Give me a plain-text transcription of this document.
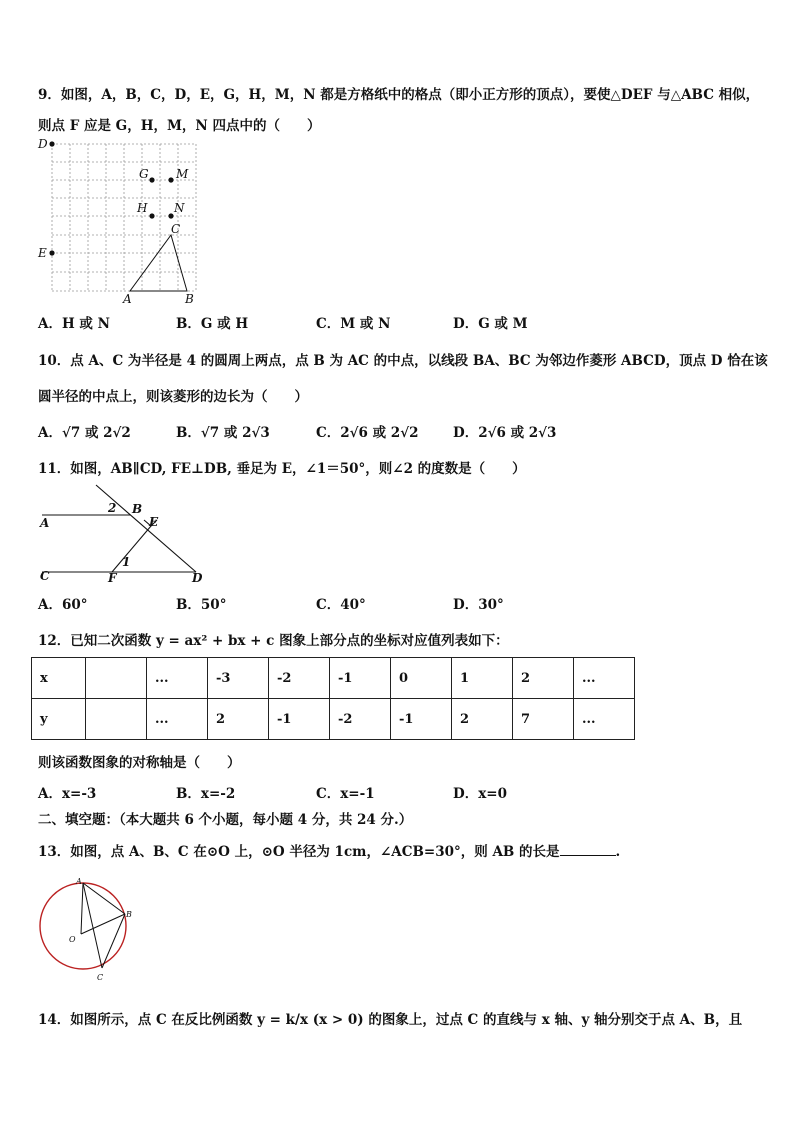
9．如图，A，B，C，D，E，G，H，M，N 都是方格纸中的格点（即小正方形的顶点），要使△DEF 与△ABC 相似，
则点 F 应是 G，H，M，N 四点中的（　　）
D
E
G M
H N
C
A	B
A．H 或 N	B．G 或 H	C．M 或 N	D．G 或 M
10．点 A、C 为半径是 4 的圆周上两点，点 B 为 AC 的中点，以线段 BA、BC 为邻边作菱形 ABCD，顶点 D 恰在该
圆半径的中点上，则该菱形的边长为（　　）
A．√7 或 2√2	B．√7 或 2√3	C．2√6 或 2√2	D．2√6 或 2√3
11．如图，AB∥CD, FE⊥DB, 垂足为 E，∠1＝50°，则∠2 的度数是（　　）
A
B
E
C	F	D
1
2
A．60°	B．50°	C．40°	D．30°
12．已知二次函数 y = ax² + bx + c 图象上部分点的坐标对应值列表如下：
x		...	-3	-2	-1	0	1	2	...
y		...	2	-1	-2	-1	2	7	...
则该函数图象的对称轴是（　　）
A．x=-3	B．x=-2	C．x=-1	D．x=0
二、填空题：（本大题共 6 个小题，每小题 4 分，共 24 分.）
13．如图，点 A、B、C 在⊙O 上，⊙O 半径为 1cm，∠ACB=30°，则 AB 的长是	.
A
B
O
C
14．如图所示，点 C 在反比例函数 y = k/x (x > 0) 的图象上，过点 C 的直线与 x 轴、y 轴分别交于点 A、B，且
